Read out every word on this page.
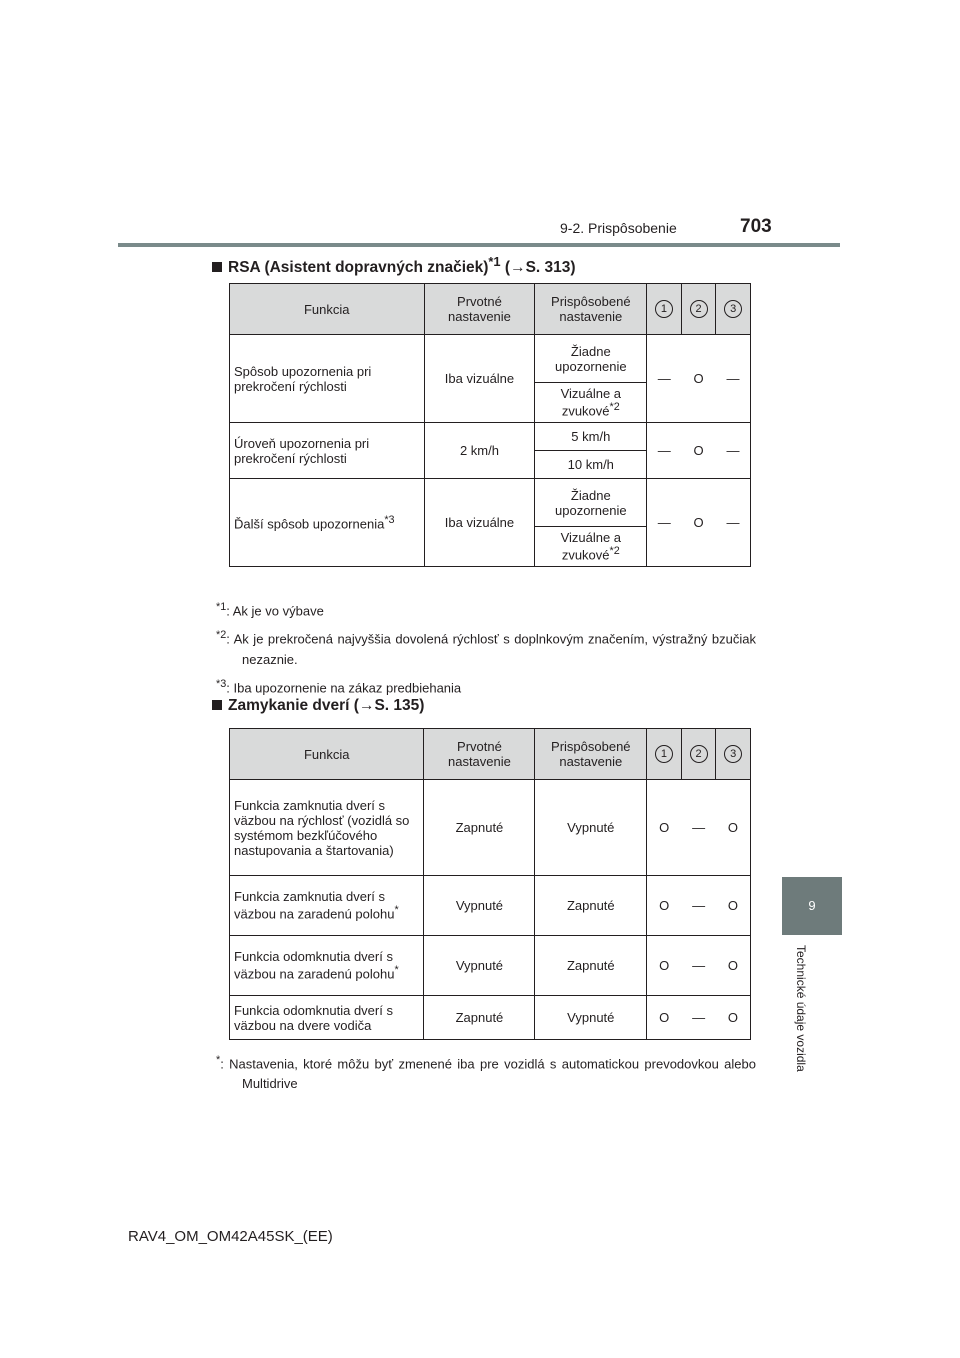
9-2. Prispôsobenie	703
9
Technické údaje vozidla
RSA (Asistent dopravných značiek)$^{*1}$ (→S. 313)
Funkcia	Prvotné nastavenie	Prispôsobené nastavenie	1	2	3
Spôsob upozornenia pri prekročení rýchlosti	Iba vizuálne	Žiadne upozornenie	—	O	—
		Vizuálne a zvukové$^{*2}$
Úroveň upozornenia pri prekročení rýchlosti	2 km/h	5 km/h	—	O	—
		10 km/h			
Ďalší spôsob upozornenia$^{*3}$	Iba vizuálne	Žiadne upozornenie	—	O	—
		Vizuálne a zvukové$^{*2}$
$^{*1}$: Ak je vo výbave
$^{*2}$: Ak je prekročená najvyššia dovolená rýchlosť s doplnkovým značením, výstražný bzučiak nezaznie.
$^{*3}$: Iba upozornenie na zákaz predbiehania
Zamykanie dverí (→S. 135)
Funkcia	Prvotné nastavenie	Prispôsobené nastavenie	1	2	3
Funkcia zamknutia dverí s väzbou na rýchlosť (vozidlá so systémom bezkľúčového nastupovania a štartovania)	Zapnuté	Vypnuté	O	—	O
Funkcia zamknutia dverí s väzbou na zaradenú polohu*	Vypnuté	Zapnuté	O	—	O
Funkcia odomknutia dverí s väzbou na zaradenú polohu*	Vypnuté	Zapnuté	O	—	O
Funkcia odomknutia dverí s väzbou na dvere vodiča	Zapnuté	Vypnuté	O	—	O
*: Nastavenia, ktoré môžu byť zmenené iba pre vozidlá s automatickou prevodovkou alebo Multidrive
RAV4_OM_OM42A45SK_(EE)
